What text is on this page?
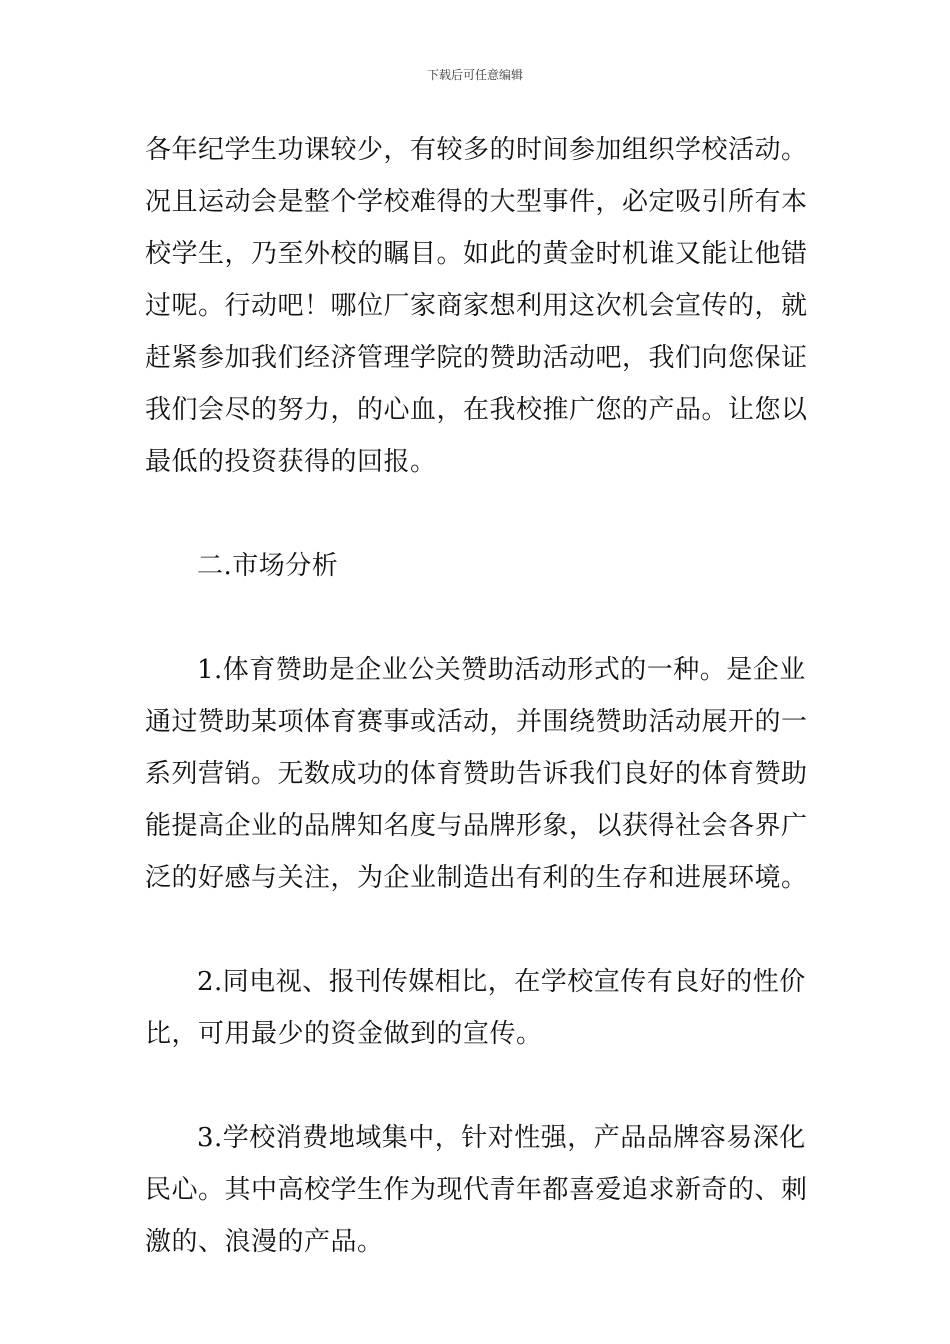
下载后可任意编辑
各年纪学生功课较少，有较多的时间参加组织学校活动。
况且运动会是整个学校难得的大型事件，必定吸引所有本
校学生，乃至外校的瞩目。如此的黄金时机谁又能让他错
过呢。行动吧！哪位厂家商家想利用这次机会宣传的，就
赶紧参加我们经济管理学院的赞助活动吧，我们向您保证
我们会尽的努力，的心血，在我校推广您的产品。让您以
最低的投资获得的回报。
二.市场分析
1.体育赞助是企业公关赞助活动形式的一种。是企业
通过赞助某项体育赛事或活动，并围绕赞助活动展开的一
系列营销。无数成功的体育赞助告诉我们良好的体育赞助
能提高企业的品牌知名度与品牌形象，以获得社会各界广
泛的好感与关注，为企业制造出有利的生存和进展环境。
2.同电视、报刊传媒相比，在学校宣传有良好的性价
比，可用最少的资金做到的宣传。
3.学校消费地域集中，针对性强，产品品牌容易深化
民心。其中高校学生作为现代青年都喜爱追求新奇的、刺
激的、浪漫的产品。
